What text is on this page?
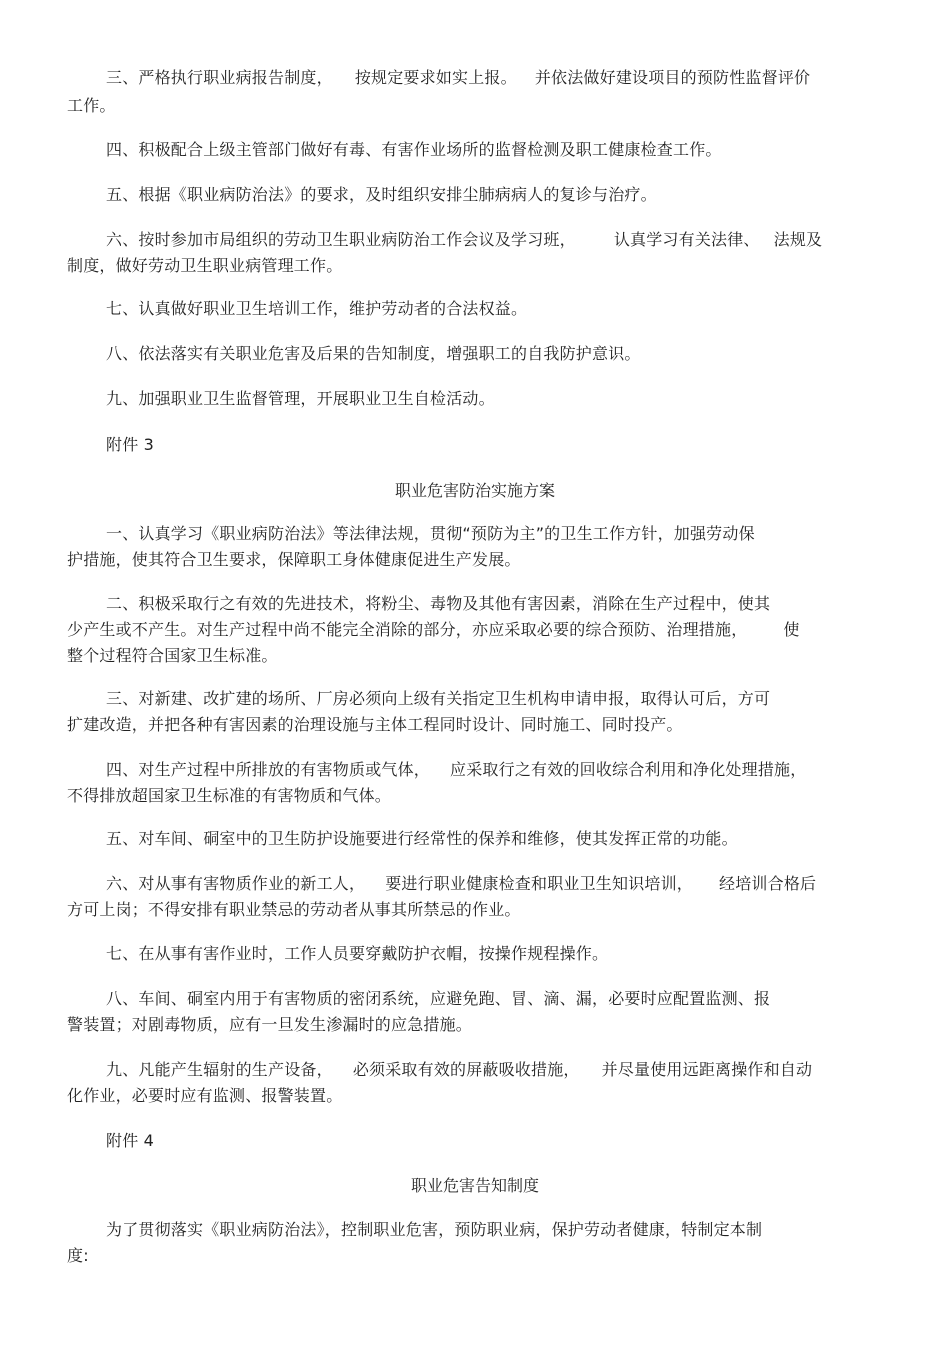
三、严格执行职业病报告制度， 按规定要求如实上报。 并依法做好建设项目的预防性监督评价
工作。
四、积极配合上级主管部门做好有毒、有害作业场所的监督检测及职工健康检查工作。
五、根据《职业病防治法》的要求，及时组织安排尘肺病病人的复诊与治疗。
六、按时参加市局组织的劳动卫生职业病防治工作会议及学习班， 认真学习有关法律、 法规及
制度，做好劳动卫生职业病管理工作。
七、认真做好职业卫生培训工作，维护劳动者的合法权益。
八、依法落实有关职业危害及后果的告知制度，增强职工的自我防护意识。
九、加强职业卫生监督管理，开展职业卫生自检活动。
附件 3
职业危害防治实施方案
一、认真学习《职业病防治法》等法律法规，贯彻“预防为主”的卫生工作方针，加强劳动保
护措施，使其符合卫生要求，保障职工身体健康促进生产发展。
二、积极采取行之有效的先进技术，将粉尘、毒物及其他有害因素，消除在生产过程中，使其
少产生或不产生。对生产过程中尚不能完全消除的部分，亦应采取必要的综合预防、治理措施， 使
整个过程符合国家卫生标准。
三、对新建、改扩建的场所、厂房必须向上级有关指定卫生机构申请申报，取得认可后，方可
扩建改造，并把各种有害因素的治理设施与主体工程同时设计、同时施工、同时投产。
四、对生产过程中所排放的有害物质或气体， 应采取行之有效的回收综合利用和净化处理措施，
不得排放超国家卫生标准的有害物质和气体。
五、对车间、硐室中的卫生防护设施要进行经常性的保养和维修，使其发挥正常的功能。
六、对从事有害物质作业的新工人， 要进行职业健康检查和职业卫生知识培训， 经培训合格后
方可上岗；不得安排有职业禁忌的劳动者从事其所禁忌的作业。
七、在从事有害作业时，工作人员要穿戴防护衣帽，按操作规程操作。
八、车间、硐室内用于有害物质的密闭系统，应避免跑、冒、滴、漏，必要时应配置监测、报
警装置；对剧毒物质，应有一旦发生渗漏时的应急措施。
九、凡能产生辐射的生产设备， 必须采取有效的屏蔽吸收措施， 并尽量使用远距离操作和自动
化作业，必要时应有监测、报警装置。
附件 4
职业危害告知制度
为了贯彻落实《职业病防治法》，控制职业危害，预防职业病，保护劳动者健康，特制定本制
度:
